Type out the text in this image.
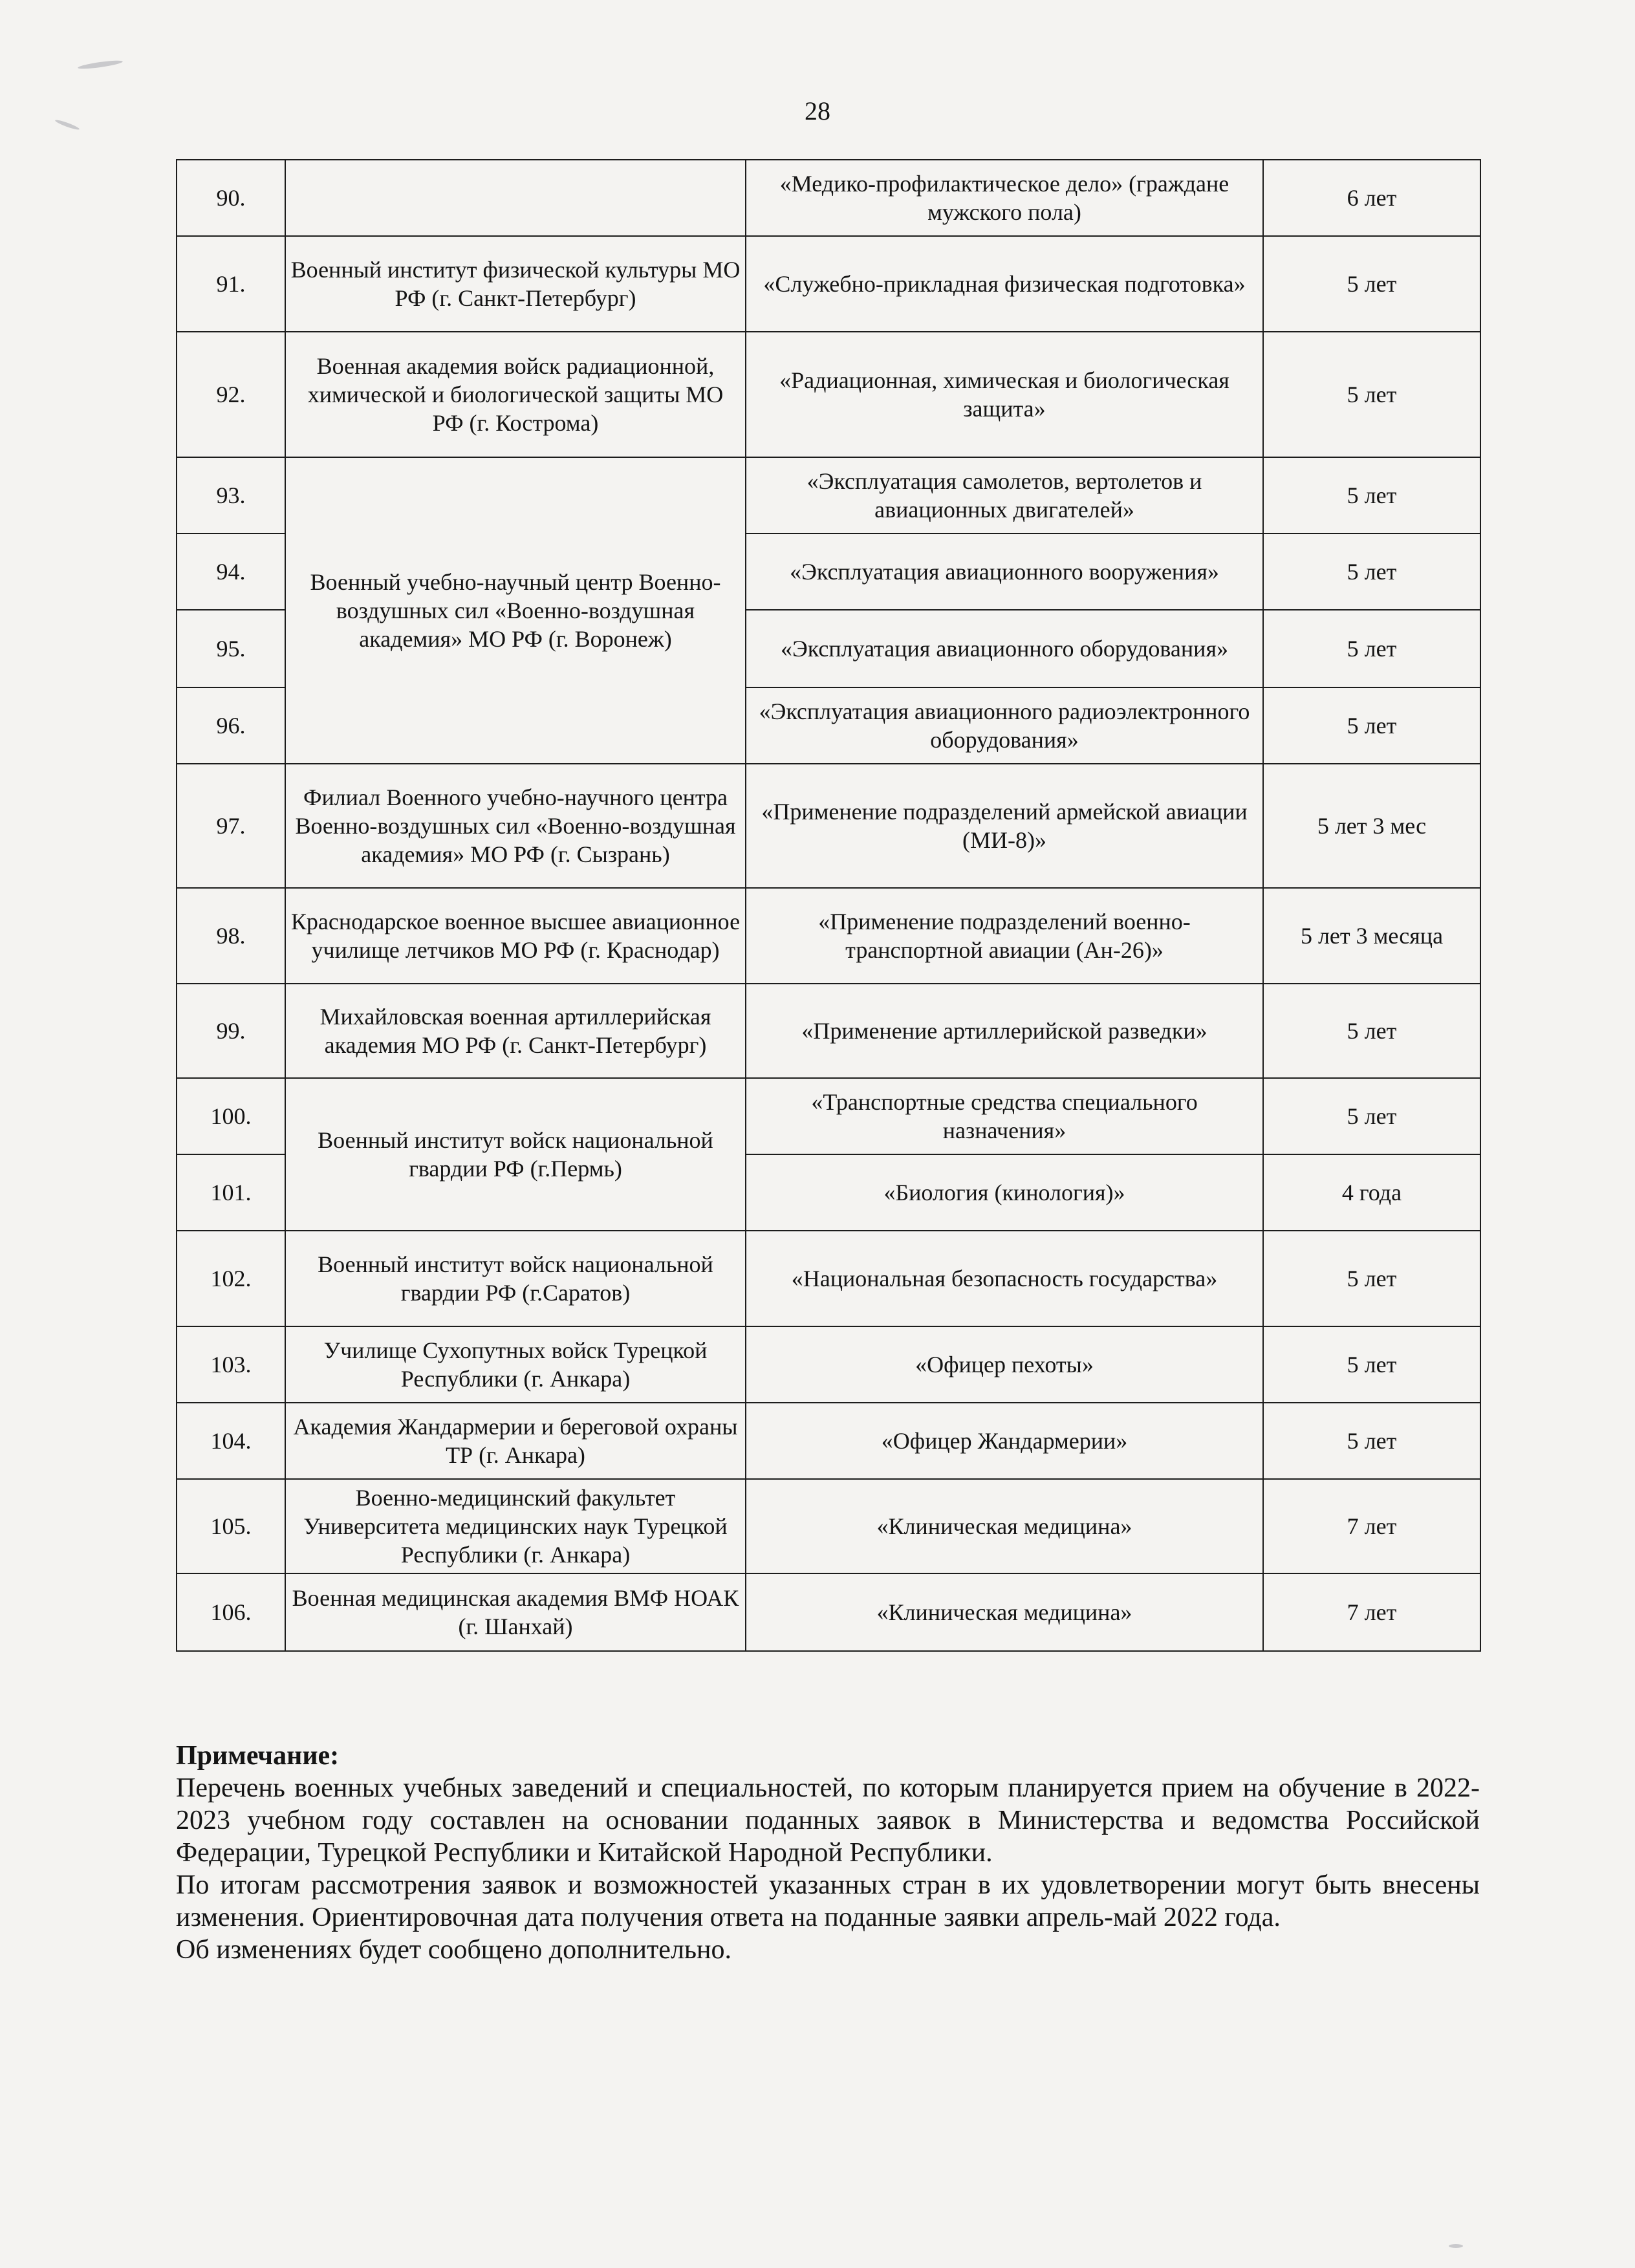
28
90.		«Медико-профилактическое дело» (граждане мужского пола)	6 лет
91.	Военный институт физической культуры МО РФ (г. Санкт-Петербург)	«Служебно-прикладная физическая подготовка»	5 лет
92.	Военная академия войск радиационной, химической и биологической защиты МО РФ (г. Кострома)	«Радиационная, химическая и биологическая защита»	5 лет
93.	Военный учебно-научный центр Военно-воздушных сил «Военно-воздушная академия» МО РФ (г. Воронеж)	«Эксплуатация самолетов, вертолетов и авиационных двигателей»	5 лет
94.		«Эксплуатация авиационного вооружения»	5 лет
95.		«Эксплуатация авиационного оборудования»	5 лет
96.		«Эксплуатация авиационного радиоэлектронного оборудования»	5 лет
97.	Филиал Военного учебно-научного центра Военно-воздушных сил «Военно-воздушная академия» МО РФ (г. Сызрань)	«Применение подразделений армейской авиации (МИ-8)»	5 лет 3 мес
98.	Краснодарское военное высшее авиационное училище летчиков МО РФ (г. Краснодар)	«Применение подразделений военно-транспортной авиации (Ан-26)»	5 лет 3 месяца
99.	Михайловская военная артиллерийская академия МО РФ (г. Санкт-Петербург)	«Применение артиллерийской разведки»	5 лет
100.	Военный институт войск национальной гвардии РФ (г.Пермь)	«Транспортные средства специального назначения»	5 лет
101.		«Биология (кинология)»	4 года
102.	Военный институт войск национальной гвардии РФ (г.Саратов)	«Национальная безопасность государства»	5 лет
103.	Училище Сухопутных войск Турецкой Республики (г. Анкара)	«Офицер пехоты»	5 лет
104.	Академия Жандармерии и береговой охраны ТР (г. Анкара)	«Офицер Жандармерии»	5 лет
105.	Военно-медицинский факультет Университета медицинских наук Турецкой Республики (г. Анкара)	«Клиническая медицина»	7 лет
106.	Военная медицинская академия ВМФ НОАК (г. Шанхай)	«Клиническая медицина»	7 лет
Примечание:

Перечень военных учебных заведений и специальностей, по которым планируется прием на обучение в 2022-2023 учебном году составлен на основании поданных заявок в Министерства и ведомства Российской Федерации, Турецкой Республики и Китайской Народной Республики.

По итогам рассмотрения заявок и возможностей указанных стран в их удовлетворении могут быть внесены изменения. Ориентировочная дата получения ответа на поданные заявки апрель-май 2022 года.

Об изменениях будет сообщено дополнительно.
